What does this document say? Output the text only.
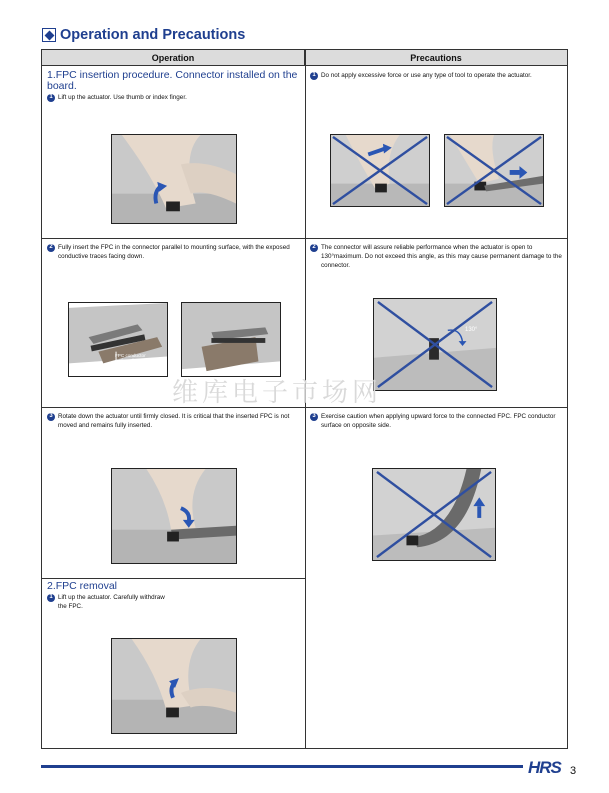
Operation and Precautions
Operation	Precautions
1.FPC insertion procedure. Connector installed on the board.
1 Lift up the actuator. Use thumb or index finger.
1 Do not apply excessive force or use any type of tool to operate the actuator.
2 Fully insert the FPC in the connector parallel to mounting surface, with the exposed conductive traces facing down.
FPC conductor surface (bottom side)
2 The connector will assure reliable performance when the actuator is open to 130°maximum. Do not exceed this angle, as this may cause permanent damage to the connector.
130°
3 Rotate down the actuator until firmly closed. It is critical that the inserted FPC is not moved and remains fully inserted.
3 Exercise caution when applying upward force to the connected FPC. FPC conductor surface on opposite side.
2.FPC removal
1 Lift up the actuator. Carefully withdraw the FPC.
维库电子市场网
HRS 3
